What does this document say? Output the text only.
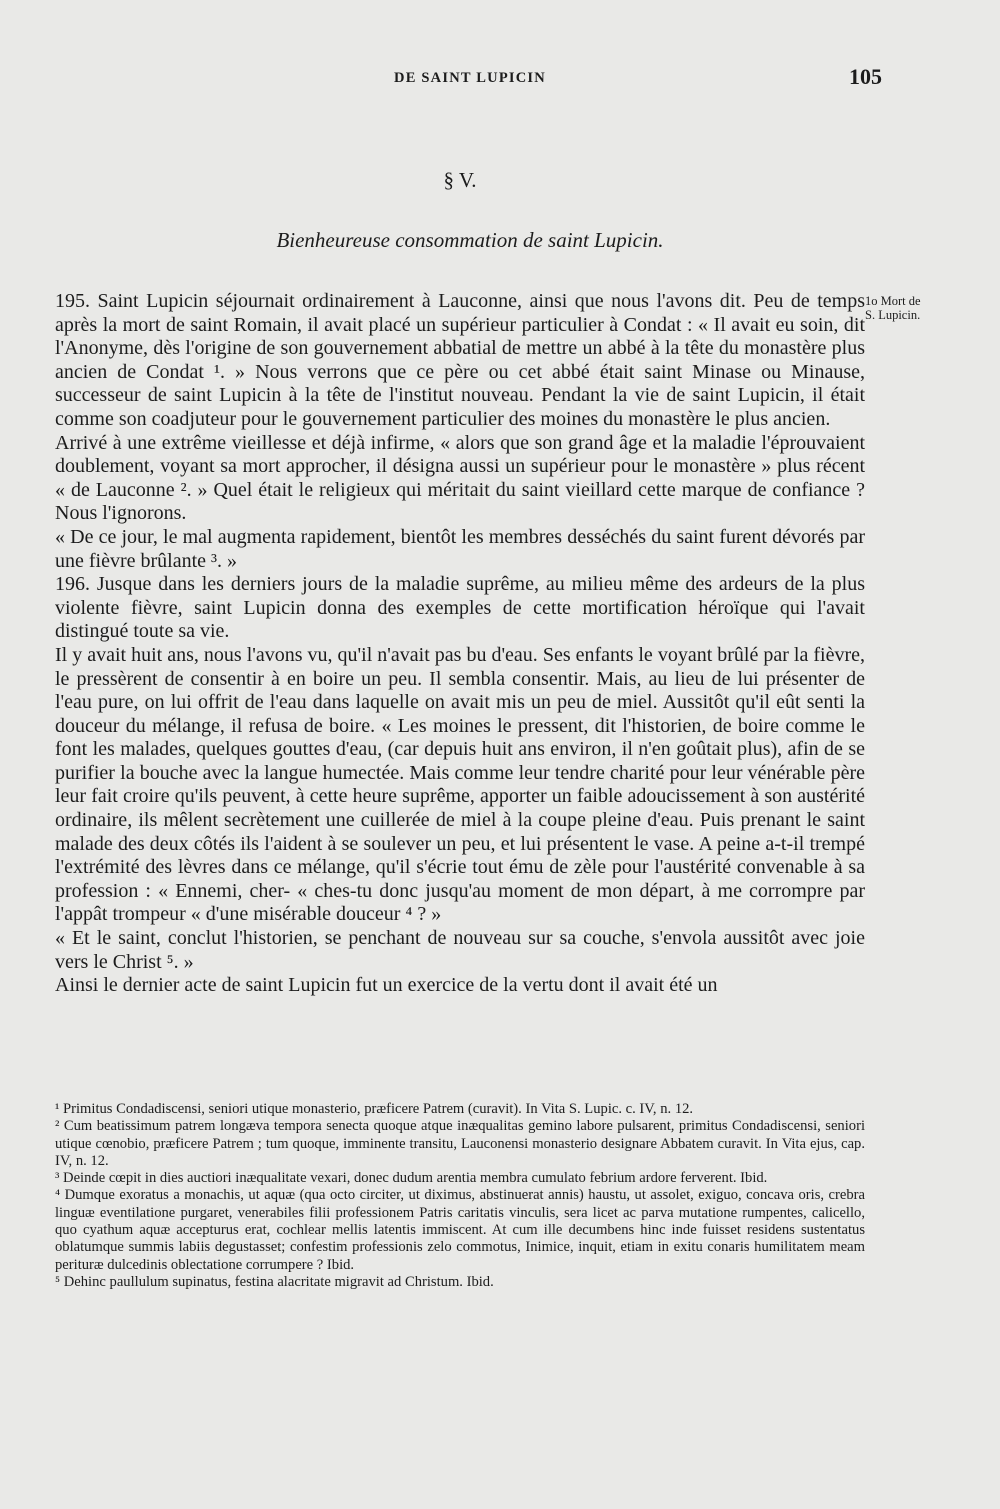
DE SAINT LUPICIN	105
§ V.
Bienheureuse consommation de saint Lupicin.
1o Mort de
S. Lupicin.

195. Saint Lupicin séjournait ordinairement à Lauconne, ainsi que nous l'avons dit. Peu de temps après la mort de saint Romain, il avait placé un supérieur particulier à Condat : « Il avait eu soin, dit l'Anonyme, dès l'origine de son gouvernement abbatial de mettre un abbé à la tête du monastère plus ancien de Condat ¹. » Nous verrons que ce père ou cet abbé était saint Minase ou Minause, successeur de saint Lupicin à la tête de l'institut nouveau. Pendant la vie de saint Lupicin, il était comme son coadjuteur pour le gouvernement particulier des moines du monastère le plus ancien.

Arrivé à une extrême vieillesse et déjà infirme, « alors que son grand âge et la maladie l'éprouvaient doublement, voyant sa mort approcher, il désigna aussi un supérieur pour le monastère » plus récent « de Lauconne ². » Quel était le religieux qui méritait du saint vieillard cette marque de confiance ? Nous l'ignorons.

« De ce jour, le mal augmenta rapidement, bientôt les membres desséchés du saint furent dévorés par une fièvre brûlante ³. »

196. Jusque dans les derniers jours de la maladie suprême, au milieu même des ardeurs de la plus violente fièvre, saint Lupicin donna des exemples de cette mortification héroïque qui l'avait distingué toute sa vie.

Il y avait huit ans, nous l'avons vu, qu'il n'avait pas bu d'eau. Ses enfants le voyant brûlé par la fièvre, le pressèrent de consentir à en boire un peu. Il sembla consentir. Mais, au lieu de lui présenter de l'eau pure, on lui offrit de l'eau dans laquelle on avait mis un peu de miel. Aussitôt qu'il eût senti la douceur du mélange, il refusa de boire. « Les moines le pressent, dit l'historien, de boire comme le font les malades, quelques gouttes d'eau, (car depuis huit ans environ, il n'en goûtait plus), afin de se purifier la bouche avec la langue humectée. Mais comme leur tendre charité pour leur vénérable père leur fait croire qu'ils peuvent, à cette heure suprême, apporter un faible adoucissement à son austérité ordinaire, ils mêlent secrètement une cuillerée de miel à la coupe pleine d'eau. Puis prenant le saint malade des deux côtés ils l'aident à se soulever un peu, et lui présentent le vase. A peine a-t-il trempé l'extrémité des lèvres dans ce mélange, qu'il s'écrie tout ému de zèle pour l'austérité convenable à sa profession : « Ennemi, cher- « ches-tu donc jusqu'au moment de mon départ, à me corrompre par l'appât trompeur « d'une misérable douceur ⁴ ? »

« Et le saint, conclut l'historien, se penchant de nouveau sur sa couche, s'envola aussitôt avec joie vers le Christ ⁵. »

Ainsi le dernier acte de saint Lupicin fut un exercice de la vertu dont il avait été un

¹ Primitus Condadiscensi, seniori utique monasterio, præficere Patrem (curavit). In Vita S. Lupic. c. IV, n. 12.

² Cum beatissimum patrem longæva tempora senecta quoque atque inæqualitas gemino labore pulsarent, primitus Condadiscensi, seniori utique cœnobio, præficere Patrem ; tum quoque, imminente transitu, Lauconensi monasterio designare Abbatem curavit. In Vita ejus, cap. IV, n. 12.

³ Deinde cœpit in dies auctiori inæqualitate vexari, donec dudum arentia membra cumulato febrium ardore ferverent. Ibid.

⁴ Dumque exoratus a monachis, ut aquæ (qua octo circiter, ut diximus, abstinuerat annis) haustu, ut assolet, exiguo, concava oris, crebra linguæ eventilatione purgaret, venerabiles filii professionem Patris caritatis vinculis, sera licet ac parva mutatione rumpentes, calicello, quo cyathum aquæ accepturus erat, cochlear mellis latentis immiscent. At cum ille decumbens hinc inde fuisset residens sustentatus oblatumque summis labiis degustasset; confestim professionis zelo commotus, Inimice, inquit, etiam in exitu conaris humilitatem meam perituræ dulcedinis oblectatione corrumpere ? Ibid.

⁵ Dehinc paullulum supinatus, festina alacritate migravit ad Christum. Ibid.
